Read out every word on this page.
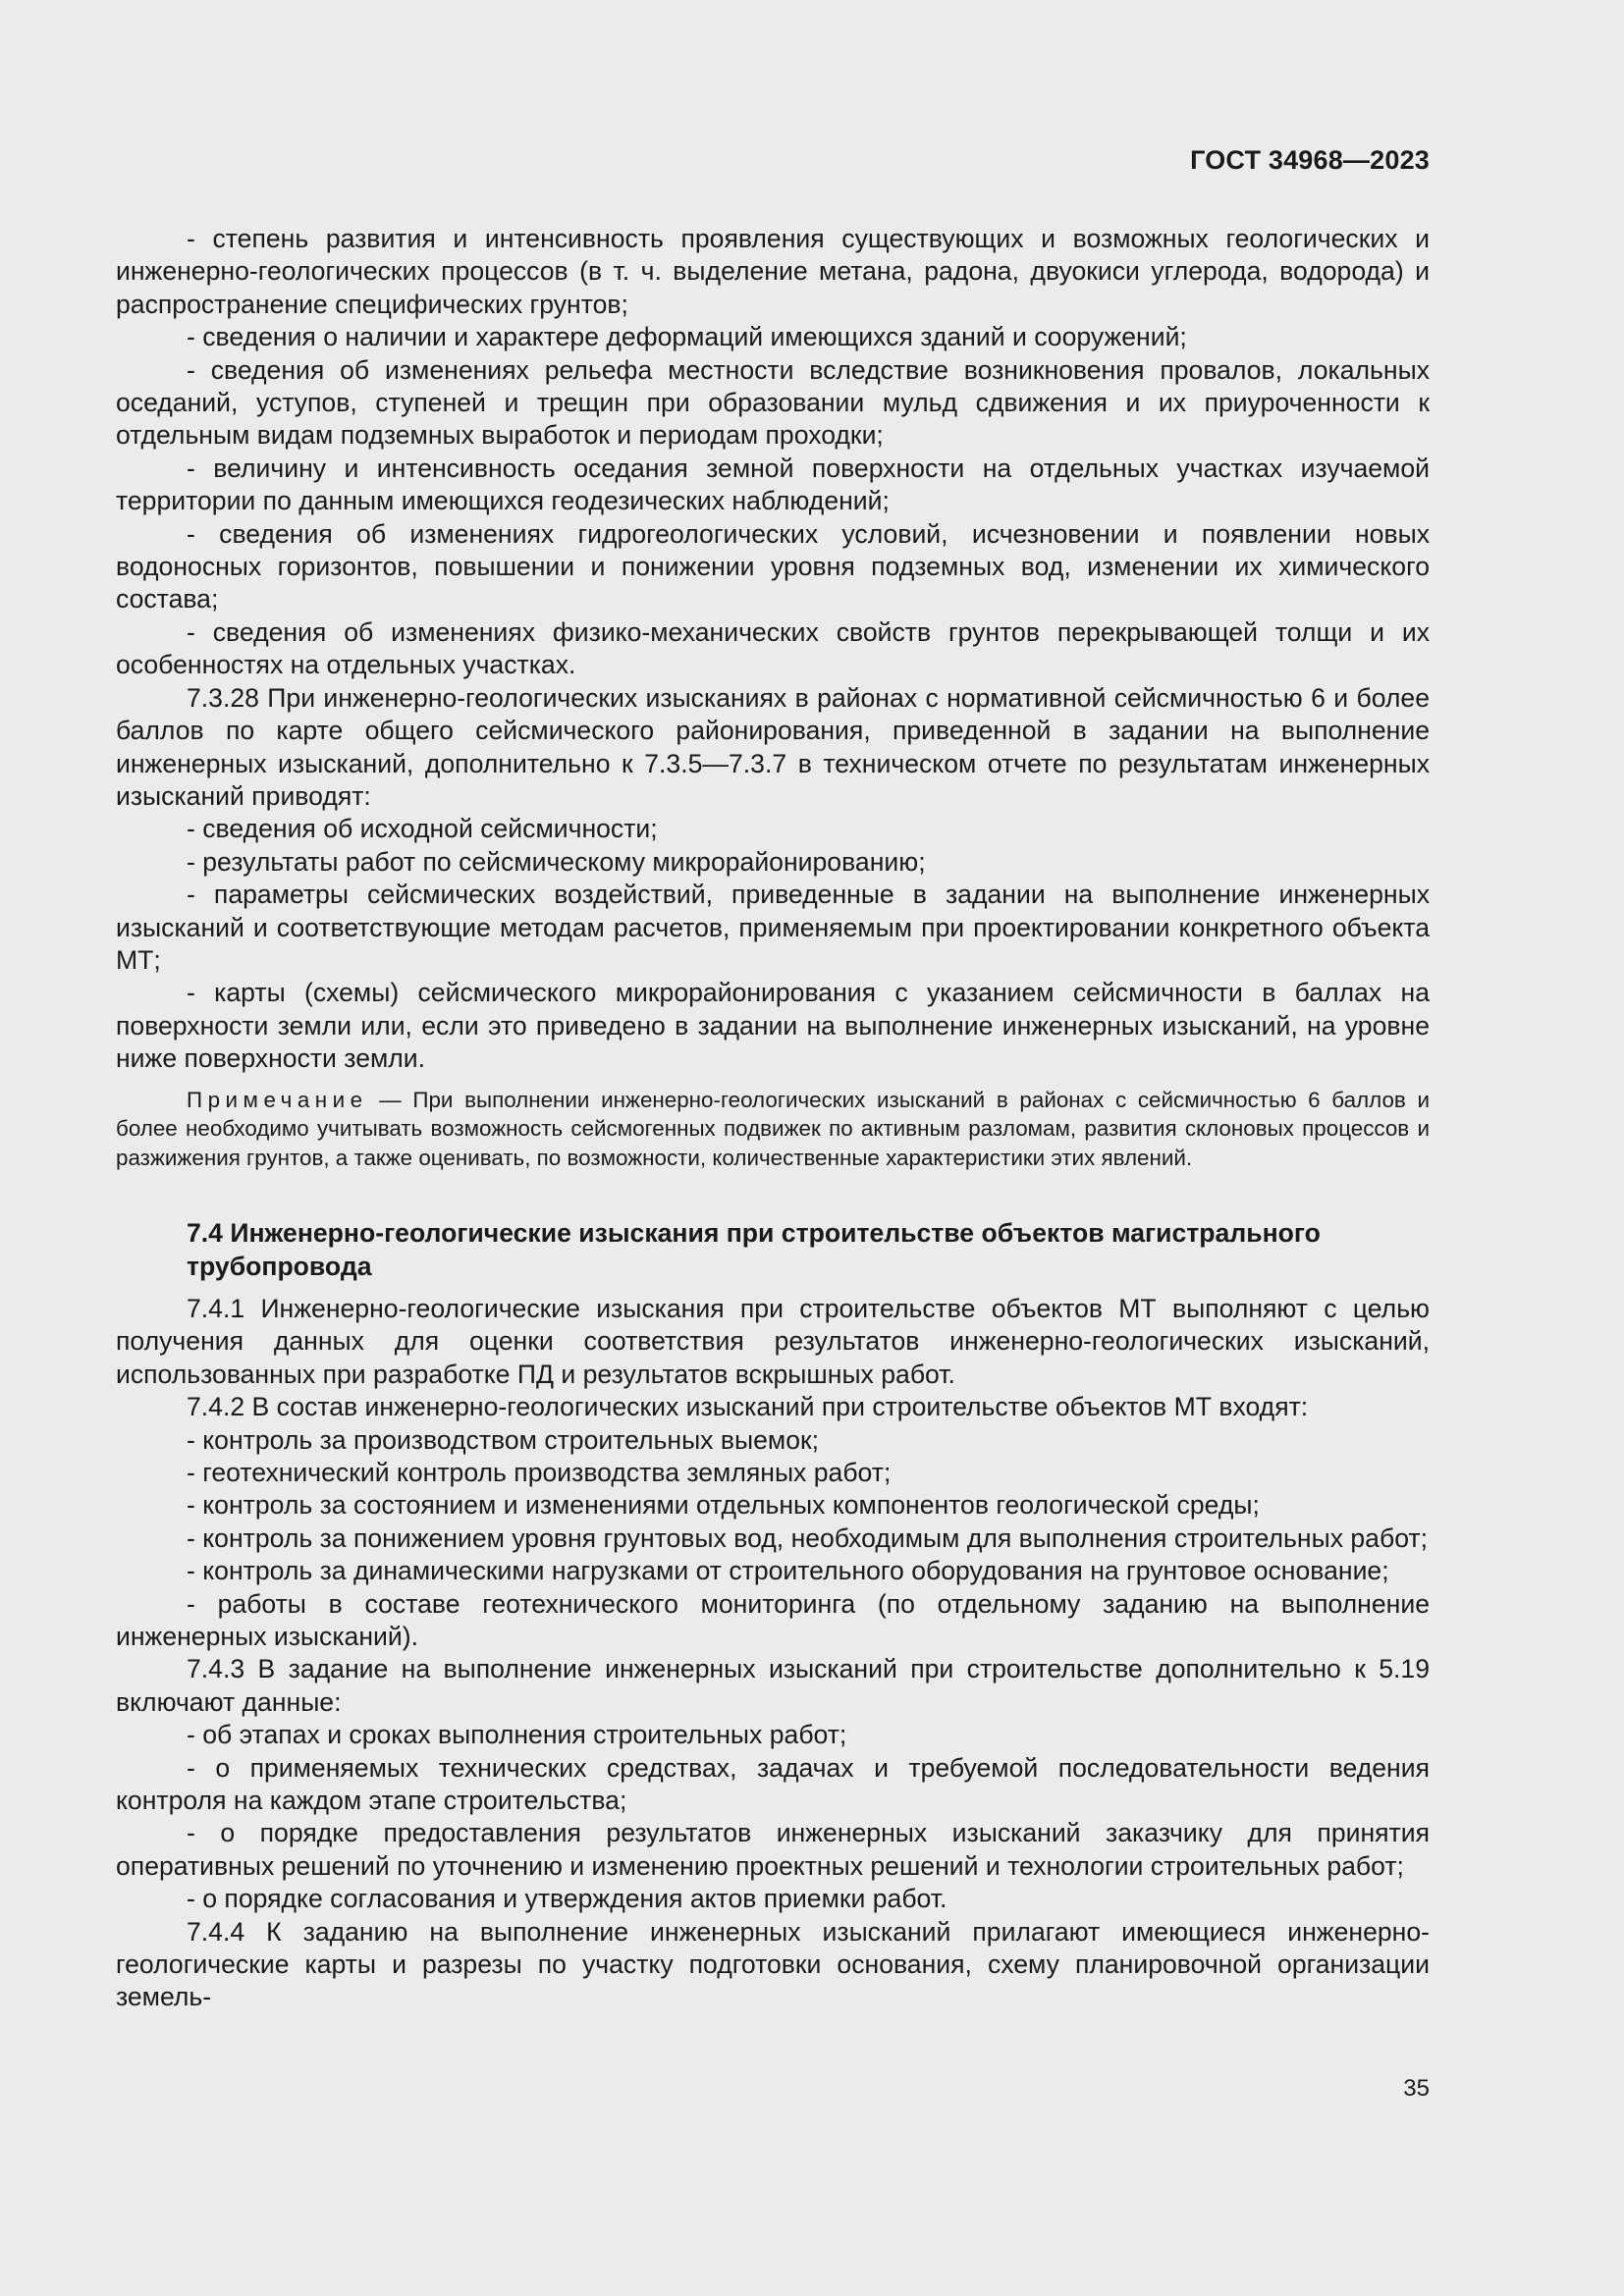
ГОСТ 34968—2023

- степень развития и интенсивность проявления существующих и возможных геологических и инженерно-геологических процессов (в т. ч. выделение метана, радона, двуокиси углерода, водорода) и распространение специфических грунтов;

- сведения о наличии и характере деформаций имеющихся зданий и сооружений;

- сведения об изменениях рельефа местности вследствие возникновения провалов, локальных оседаний, уступов, ступеней и трещин при образовании мульд сдвижения и их приуроченности к отдельным видам подземных выработок и периодам проходки;

- величину и интенсивность оседания земной поверхности на отдельных участках изучаемой территории по данным имеющихся геодезических наблюдений;

- сведения об изменениях гидрогеологических условий, исчезновении и появлении новых водоносных горизонтов, повышении и понижении уровня подземных вод, изменении их химического состава;

- сведения об изменениях физико-механических свойств грунтов перекрывающей толщи и их особенностях на отдельных участках.

7.3.28 При инженерно-геологических изысканиях в районах с нормативной сейсмичностью 6 и более баллов по карте общего сейсмического районирования, приведенной в задании на выполнение инженерных изысканий, дополнительно к 7.3.5—7.3.7 в техническом отчете по результатам инженерных изысканий приводят:

- сведения об исходной сейсмичности;

- результаты работ по сейсмическому микрорайонированию;

- параметры сейсмических воздействий, приведенные в задании на выполнение инженерных изысканий и соответствующие методам расчетов, применяемым при проектировании конкретного объекта МТ;

- карты (схемы) сейсмического микрорайонирования с указанием сейсмичности в баллах на поверхности земли или, если это приведено в задании на выполнение инженерных изысканий, на уровне ниже поверхности земли.

Примечание — При выполнении инженерно-геологических изысканий в районах с сейсмичностью 6 баллов и более необходимо учитывать возможность сейсмогенных подвижек по активным разломам, развития склоновых процессов и разжижения грунтов, а также оценивать, по возможности, количественные характеристики этих явлений.

7.4 Инженерно-геологические изыскания при строительстве объектов магистрального трубопровода

7.4.1 Инженерно-геологические изыскания при строительстве объектов МТ выполняют с целью получения данных для оценки соответствия результатов инженерно-геологических изысканий, использованных при разработке ПД и результатов вскрышных работ.

7.4.2 В состав инженерно-геологических изысканий при строительстве объектов МТ входят:

- контроль за производством строительных выемок;

- геотехнический контроль производства земляных работ;

- контроль за состоянием и изменениями отдельных компонентов геологической среды;

- контроль за понижением уровня грунтовых вод, необходимым для выполнения строительных работ;

- контроль за динамическими нагрузками от строительного оборудования на грунтовое основание;

- работы в составе геотехнического мониторинга (по отдельному заданию на выполнение инженерных изысканий).

7.4.3 В задание на выполнение инженерных изысканий при строительстве дополнительно к 5.19 включают данные:

- об этапах и сроках выполнения строительных работ;

- о применяемых технических средствах, задачах и требуемой последовательности ведения контроля на каждом этапе строительства;

- о порядке предоставления результатов инженерных изысканий заказчику для принятия оперативных решений по уточнению и изменению проектных решений и технологии строительных работ;

- о порядке согласования и утверждения актов приемки работ.

7.4.4 К заданию на выполнение инженерных изысканий прилагают имеющиеся инженерно-геологические карты и разрезы по участку подготовки основания, схему планировочной организации земель-

35
